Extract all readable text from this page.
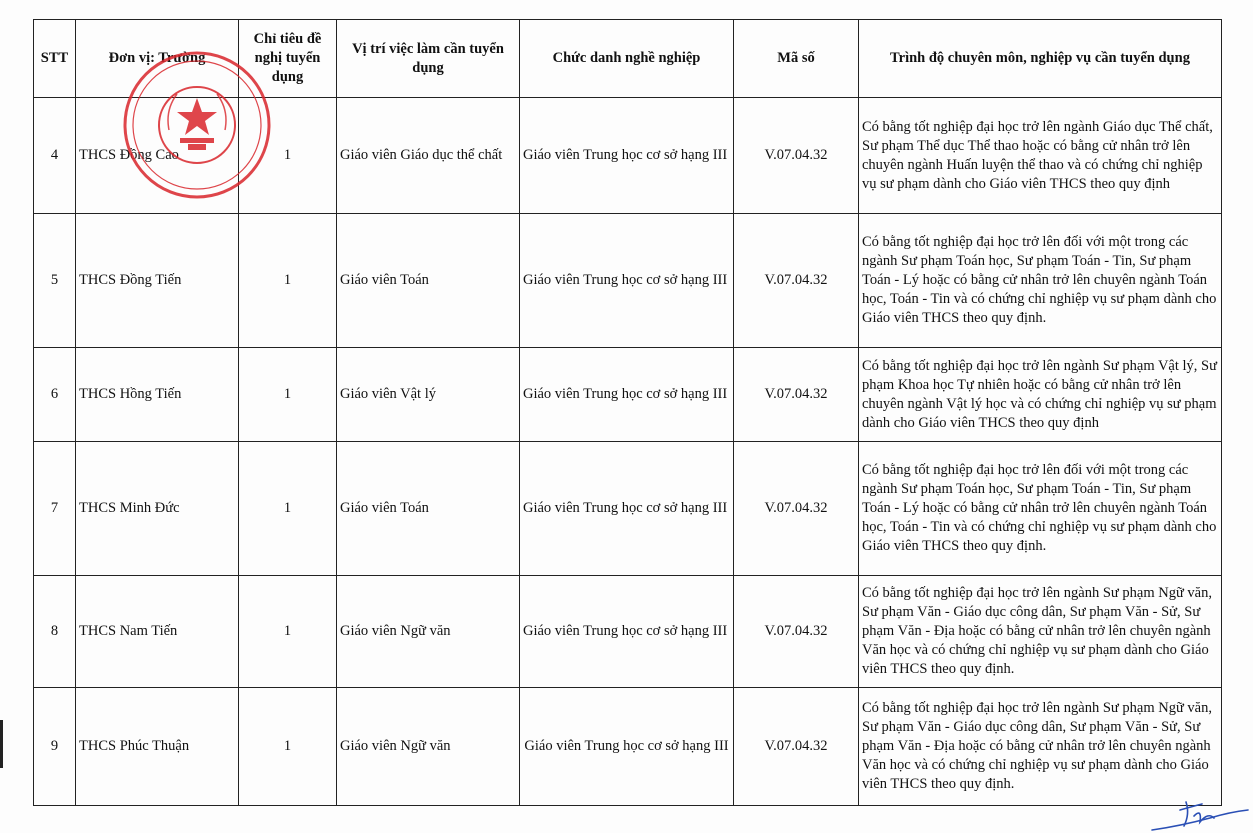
STT	Đơn vị: Trường	Chỉ tiêu đề nghị tuyển dụng	Vị trí việc làm cần tuyển dụng	Chức danh nghề nghiệp	Mã số	Trình độ chuyên môn, nghiệp vụ cần tuyển dụng
4	THCS Đồng Cao	1	Giáo viên Giáo dục thể chất	Giáo viên Trung học cơ sở hạng III	V.07.04.32	Có bằng tốt nghiệp đại học trở lên ngành Giáo dục Thể chất, Sư phạm Thể dục Thể thao hoặc có bằng cử nhân trở lên chuyên ngành Huấn luyện thể thao và có chứng chỉ nghiệp vụ sư phạm dành cho Giáo viên THCS theo quy định
5	THCS Đồng Tiến	1	Giáo viên Toán	Giáo viên Trung học cơ sở hạng III	V.07.04.32	Có bằng tốt nghiệp đại học trở lên đối với một trong các ngành Sư phạm Toán học, Sư phạm Toán - Tin, Sư phạm Toán - Lý hoặc có bằng cử nhân trở lên chuyên ngành Toán học, Toán - Tin và có chứng chỉ nghiệp vụ sư phạm dành cho Giáo viên THCS theo quy định.
6	THCS Hồng Tiến	1	Giáo viên Vật lý	Giáo viên Trung học cơ sở hạng III	V.07.04.32	Có bằng tốt nghiệp đại học trở lên ngành Sư phạm Vật lý, Sư phạm Khoa học Tự nhiên hoặc có bằng cử nhân trở lên chuyên ngành Vật lý học và có chứng chỉ nghiệp vụ sư phạm dành cho Giáo viên THCS theo quy định
7	THCS Minh Đức	1	Giáo viên Toán	Giáo viên Trung học cơ sở hạng III	V.07.04.32	Có bằng tốt nghiệp đại học trở lên đối với một trong các ngành Sư phạm Toán học, Sư phạm Toán - Tin, Sư phạm Toán - Lý hoặc có bằng cử nhân trở lên chuyên ngành Toán học, Toán - Tin và có chứng chỉ nghiệp vụ sư phạm dành cho Giáo viên THCS theo quy định.
8	THCS Nam Tiến	1	Giáo viên Ngữ văn	Giáo viên Trung học cơ sở hạng III	V.07.04.32	Có bằng tốt nghiệp đại học trở lên ngành Sư phạm Ngữ văn, Sư phạm Văn - Giáo dục công dân, Sư phạm Văn - Sử, Sư phạm Văn - Địa hoặc có bằng cử nhân trở lên chuyên ngành Văn học và có chứng chỉ nghiệp vụ sư phạm dành cho Giáo viên THCS theo quy định.
9	THCS Phúc Thuận	1	Giáo viên Ngữ văn	Giáo viên Trung học cơ sở hạng III	V.07.04.32	Có bằng tốt nghiệp đại học trở lên ngành Sư phạm Ngữ văn, Sư phạm Văn - Giáo dục công dân, Sư phạm Văn - Sử, Sư phạm Văn - Địa hoặc có bằng cử nhân trở lên chuyên ngành Văn học và có chứng chỉ nghiệp vụ sư phạm dành cho Giáo viên THCS theo quy định.
